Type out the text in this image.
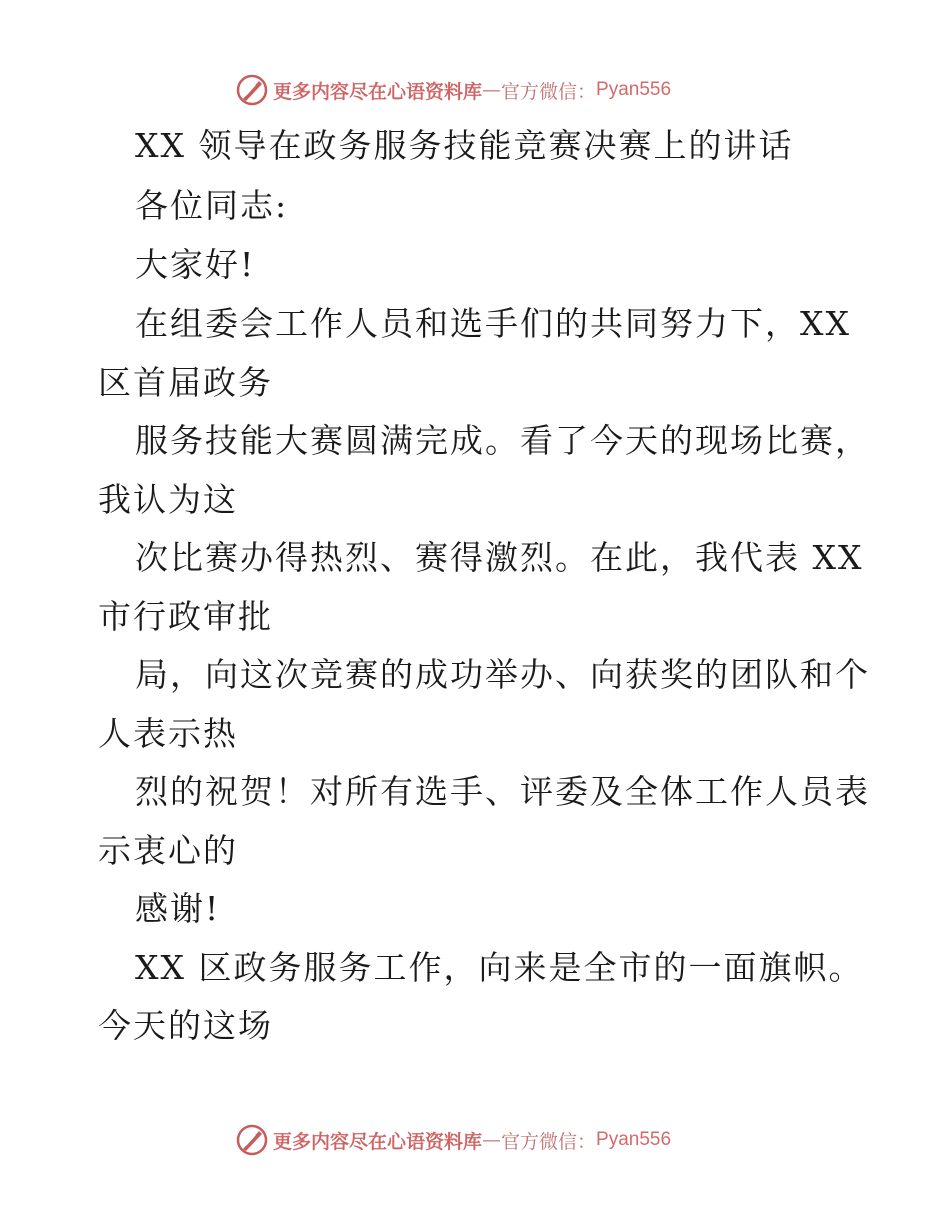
更多内容尽在心语资料库 — 官方微信： Pyan556
XX 领导在政务服务技能竞赛决赛上的讲话
各位同志:
大家好!
在组委会工作人员和选手们的共同努力下，XX
区首届政务
服务技能大赛圆满完成。看了今天的现场比赛，
我认为这
次比赛办得热烈、赛得激烈。在此，我代表 XX
市行政审批
局，向这次竞赛的成功举办、向获奖的团队和个
人表示热
烈的祝贺！对所有选手、评委及全体工作人员表
示衷心的
感谢!
XX 区政务服务工作，向来是全市的一面旗帜。
今天的这场
更多内容尽在心语资料库 — 官方微信： Pyan556
